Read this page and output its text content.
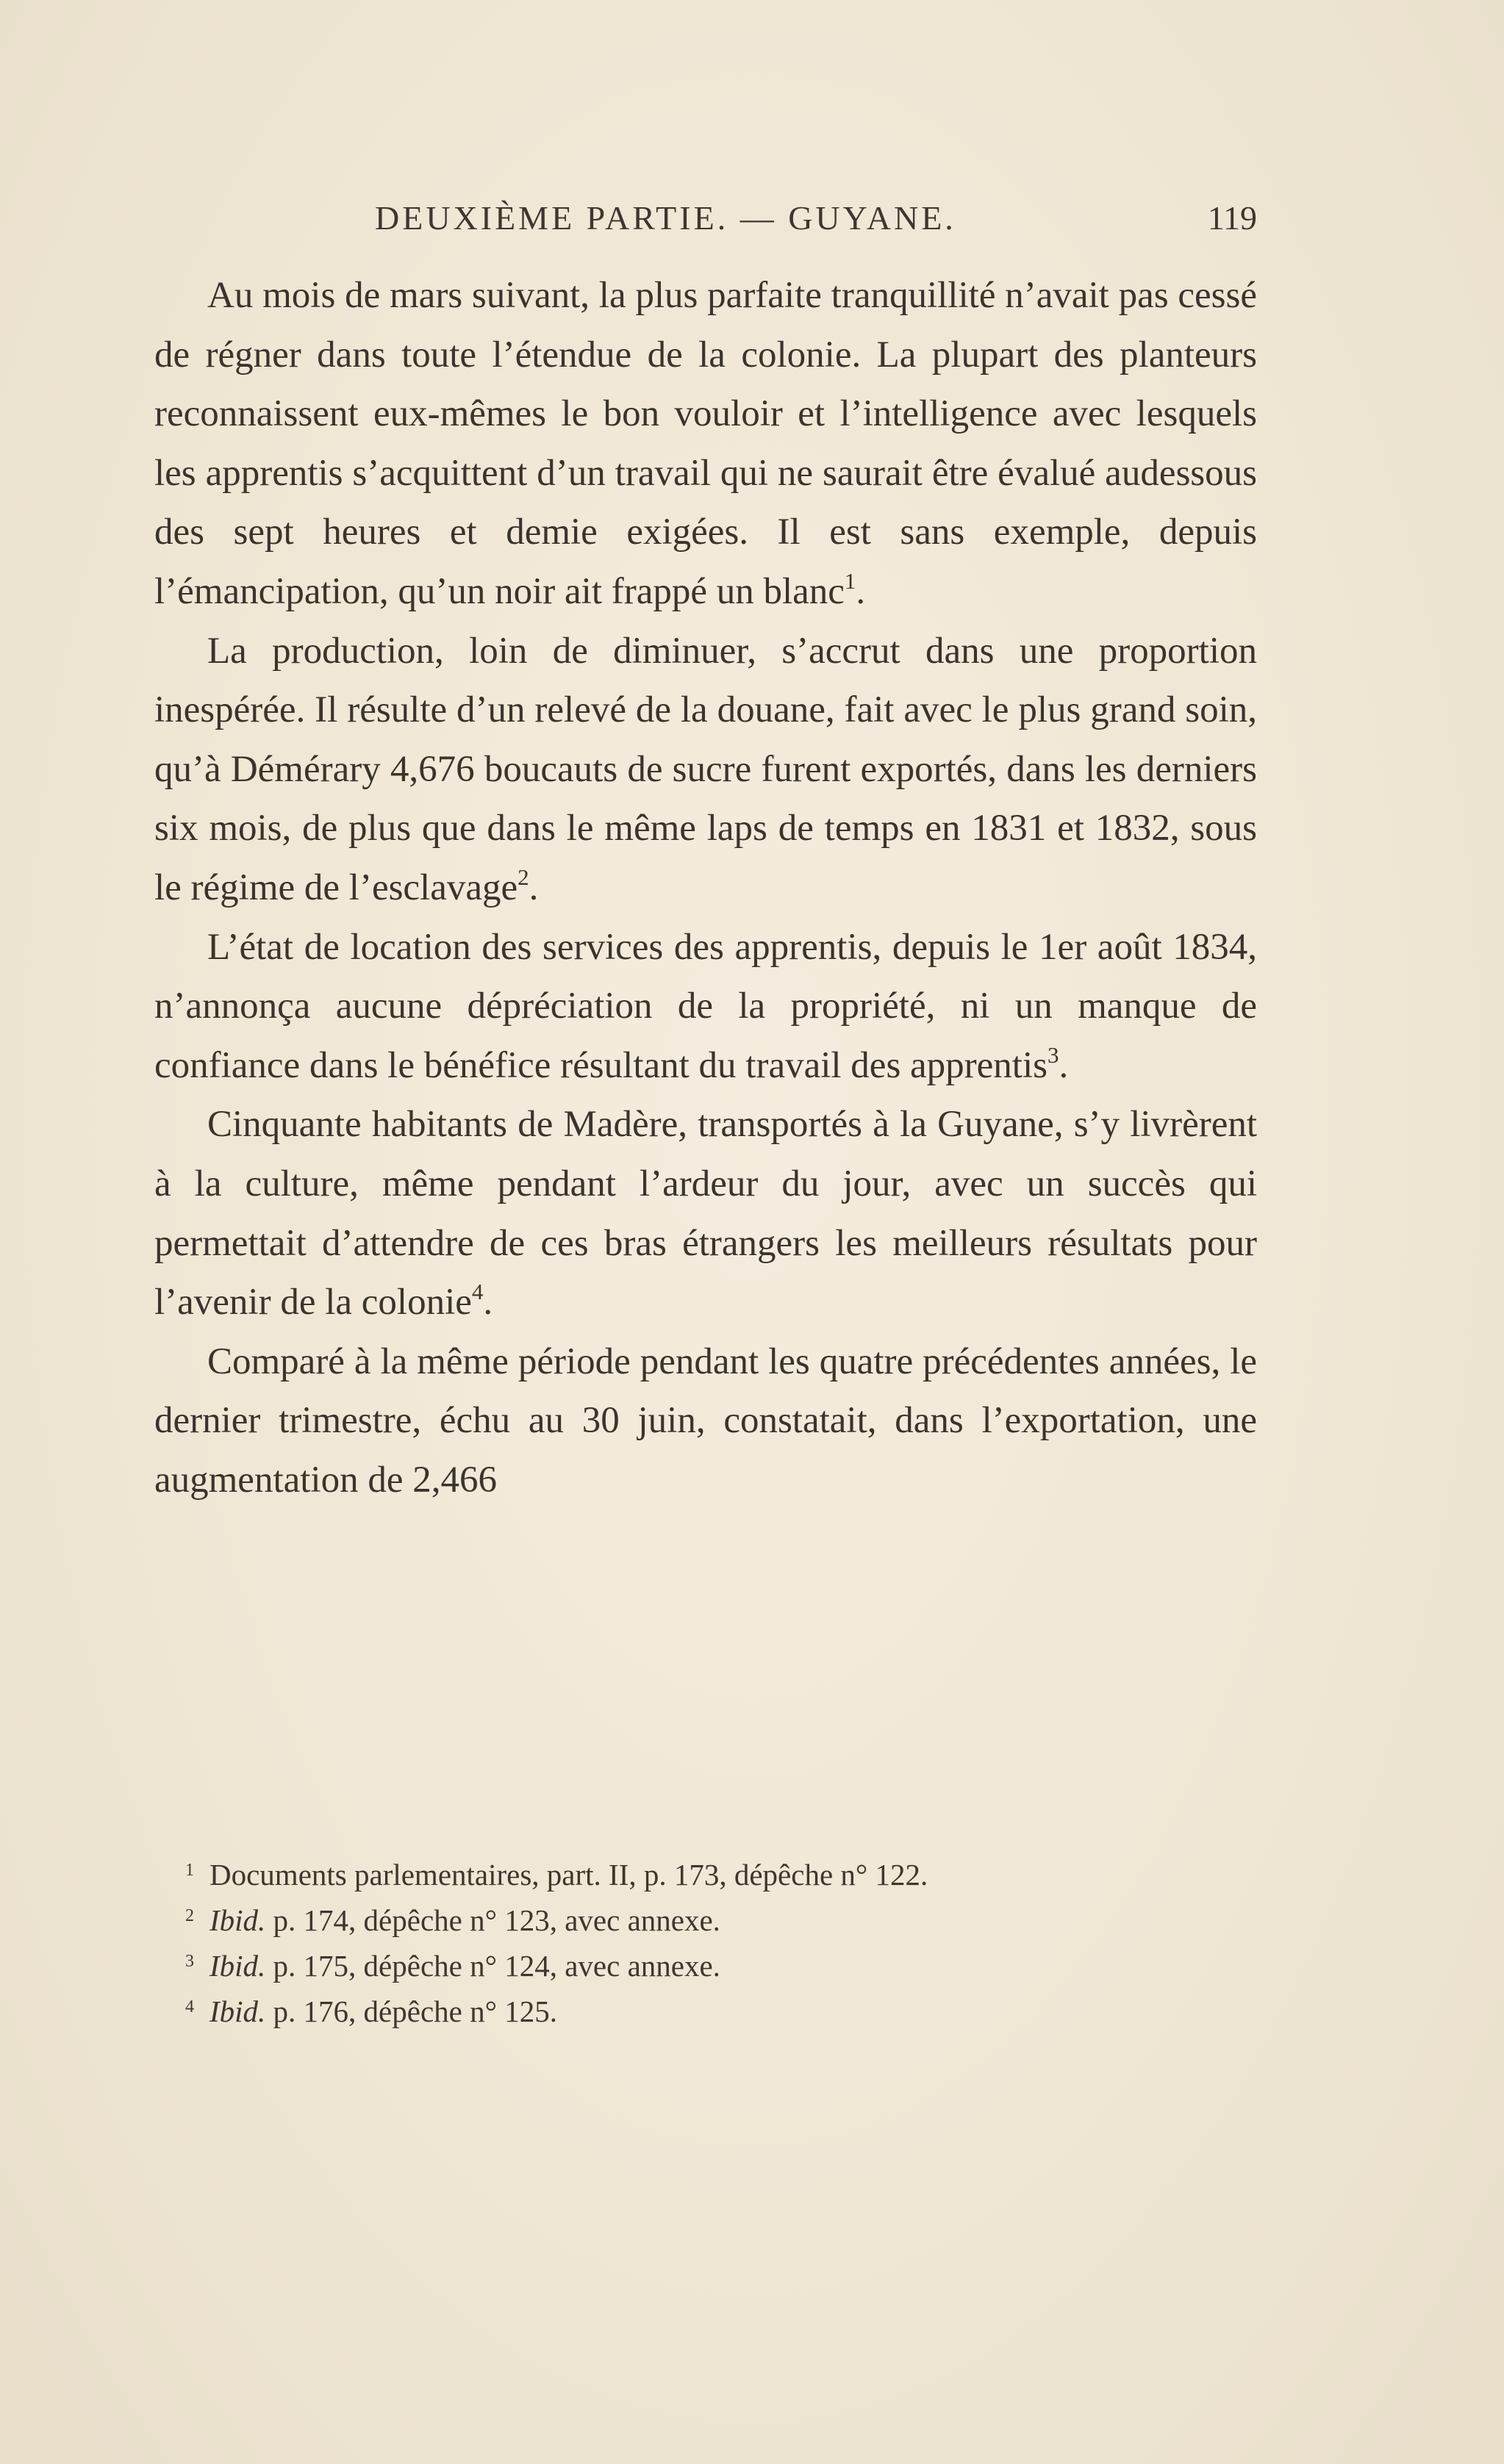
DEUXIÈME PARTIE. — GUYANE.	119

Au mois de mars suivant, la plus parfaite tranquillité n’avait pas cessé de régner dans toute l’étendue de la colonie. La plupart des planteurs reconnaissent eux-mêmes le bon vouloir et l’intelligence avec lesquels les apprentis s’acquittent d’un travail qui ne saurait être évalué audessous des sept heures et demie exigées. Il est sans exemple, depuis l’émancipation, qu’un noir ait frappé un blanc$^1$.

La production, loin de diminuer, s’accrut dans une proportion inespérée. Il résulte d’un relevé de la douane, fait avec le plus grand soin, qu’à Démérary 4,676 boucauts de sucre furent exportés, dans les derniers six mois, de plus que dans le même laps de temps en 1831 et 1832, sous le régime de l’esclavage$^2$.

L’état de location des services des apprentis, depuis le 1er août 1834, n’annonça aucune dépréciation de la propriété, ni un manque de confiance dans le bénéfice résultant du travail des apprentis$^3$.

Cinquante habitants de Madère, transportés à la Guyane, s’y livrèrent à la culture, même pendant l’ardeur du jour, avec un succès qui permettait d’attendre de ces bras étrangers les meilleurs résultats pour l’avenir de la colonie$^4$.

Comparé à la même période pendant les quatre précédentes années, le dernier trimestre, échu au 30 juin, constatait, dans l’exportation, une augmentation de 2,466

1 Documents parlementaires, part. II, p. 173, dépêche n° 122.
2 Ibid. p. 174, dépêche n° 123, avec annexe.
3 Ibid. p. 175, dépêche n° 124, avec annexe.
4 Ibid. p. 176, dépêche n° 125.
